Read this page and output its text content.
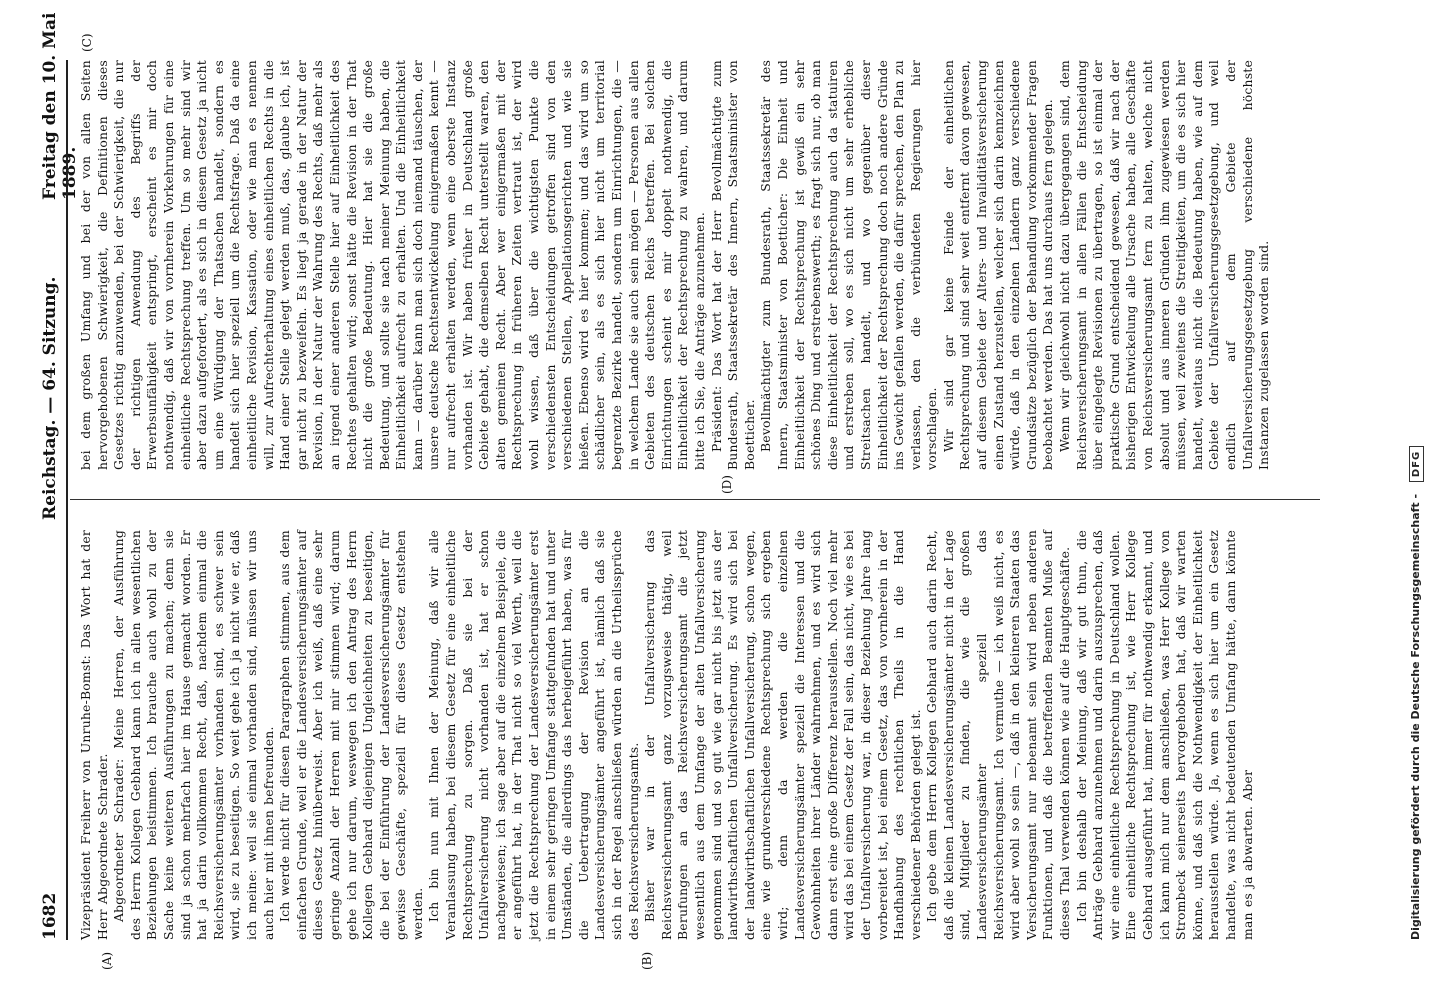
1682
Reichstag. — 64. Sitzung.
Freitag den 10. Mai 1889.
(A)	(B)
(C)
(D)

Vizepräsident Freiherr von Unruhe-Bomst: Das Wort hat der Herr Abgeordnete Schrader. Abgeordneter Schrader: Meine Herren, der Ausführung des Herrn Kollegen Gebhard kann ich in allen wesentlichen Beziehungen beistimmen. Ich brauche auch wohl zu der Sache keine weiteren Ausführungen zu machen; denn sie sind ja schon mehrfach hier im Hause gemacht worden. Er hat ja darin vollkommen Recht, daß, nachdem einmal die Reichsversicherungsämter vorhanden sind, es schwer sein wird, sie zu beseitigen. So weit gehe ich ja nicht wie er, daß ich meine: weil sie einmal vorhanden sind, müssen wir uns auch hier mit ihnen befreunden. Ich werde nicht für diesen Paragraphen stimmen, aus dem einfachen Grunde, weil er die Landesversicherungsämter auf dieses Gesetz hinüberweist. Aber ich weiß, daß eine sehr geringe Anzahl der Herren mit mir stimmen wird; darum gehe ich nur darum, weswegen ich den Antrag des Herrn Kollegen Gebhard diejenigen Ungleichheiten zu beseitigen, die bei der Einführung der Landesversicherungsämter für gewisse Geschäfte, speziell für dieses Gesetz entstehen werden. Ich bin nun mit Ihnen der Meinung, daß wir alle Veranlassung haben, bei diesem Gesetz für eine einheitliche Rechtsprechung zu sorgen. Daß sie bei der Unfallversicherung nicht vorhanden ist, hat er schon nachgewiesen; ich sage aber auf die einzelnen Beispiele, die er angeführt hat, in der That nicht so viel Werth, weil die jetzt die Rechtsprechung der Landesversicherungsämter erst in einem sehr geringen Umfange stattgefunden hat und unter Umständen, die allerdings das herbeigeführt haben, was für die Uebertragung der Revision an die Landesversicherungsämter angeführt ist, nämlich daß sie sich in der Regel anschließen würden an die Urtheilssprüche des Reichsversicherungsamts. Bisher war in der Unfallversicherung das Reichsversicherungsamt ganz vorzugsweise thätig, weil Berufungen an das Reichsversicherungsamt die jetzt wesentlich aus dem Umfange der alten Unfallversicherung genommen sind und so gut wie gar nicht bis jetzt aus der landwirthschaftlichen Unfallversicherung. Es wird sich bei der landwirthschaftlichen Unfallversicherung, schon wegen, eine wie grundverschiedene Rechtsprechung sich ergeben wird; denn da werden die einzelnen Landesversicherungsämter speziell die Interessen und die Gewohnheiten ihrer Länder wahrnehmen, und es wird sich dann erst eine große Differenz herausstellen. Noch viel mehr wird das bei einem Gesetz der Fall sein, das nicht, wie es bei der Unfallversicherung war, in dieser Beziehung Jahre lang vorbereitet ist, bei einem Gesetz, das von vornherein in der Handhabung des rechtlichen Theils in die Hand verschiedener Behörden gelegt ist. Ich gebe dem Herrn Kollegen Gebhard auch darin Recht, daß die kleinen Landesversicherungsämter nicht in der Lage sind, Mitglieder zu finden, die wie die großen Landesversicherungsämter speziell das Reichsversicherungsamt. Ich vermuthe — ich weiß nicht, es wird aber wohl so sein —, daß in den kleineren Staaten das Versicherungsamt nur nebenamt sein wird neben anderen Funktionen, und daß die betreffenden Beamten Muße auf dieses Thal verwenden können wie auf die Hauptgeschäfte. Ich bin deshalb der Meinung, daß wir gut thun, die Anträge Gebhard anzunehmen und darin auszusprechen, daß wir eine einheitliche Rechtsprechung in Deutschland wollen. Eine einheitliche Rechtsprechung ist, wie Herr Kollege Gebhard ausgeführt hat, immer für nothwendig erkannt, und ich kann mich nur dem anschließen, was Herr Kollege von Strombeck seinerseits hervorgehoben hat, daß wir warten könne, und daß sich die Nothwendigkeit der Einheitlichkeit herausstellen würde. Ja, wenn es sich hier um ein Gesetz handelte, was nicht bedeutenden Umfang hätte, dann könnte man es ja abwarten. Aber

bei dem großen Umfang und bei der von allen Seiten hervorgehobenen Schwierigkeit, die Definitionen dieses Gesetzes richtig anzuwenden, bei der Schwierigkeit, die nur der richtigen Anwendung des Begriffs der Erwerbsunfähigkeit entspringt, erscheint es mir doch nothwendig, daß wir von vornherein Vorkehrungen für eine einheitliche Rechtsprechung treffen. Um so mehr sind wir aber dazu aufgefordert, als es sich in diesem Gesetz ja nicht um eine Würdigung der Thatsachen handelt, sondern es handelt sich hier speziell um die Rechtsfrage. Daß da eine einheitliche Revision, Kassation, oder wie man es nennen will, zur Aufrechterhaltung eines einheitlichen Rechts in die Hand einer Stelle gelegt werden muß, das, glaube ich, ist gar nicht zu bezweifeln. Es liegt ja gerade in der Natur der Revision, in der Natur der Wahrung des Rechts, daß mehr als an irgend einer anderen Stelle hier auf Einheitlichkeit des Rechtes gehalten wird; sonst hätte die Revision in der That nicht die große Bedeutung. Hier hat sie die große Bedeutung, und sollte sie nach meiner Meinung haben, die Einheitlichkeit aufrecht zu erhalten. Und die Einheitlichkeit kann — darüber kann man sich doch niemand täuschen, der unsere deutsche Rechtsentwickelung einigermaßen kennt — nur aufrecht erhalten werden, wenn eine oberste Instanz vorhanden ist. Wir haben früher in Deutschland große Gebiete gehabt, die demselben Recht unterstellt waren, den alten gemeinen Recht. Aber wer einigermaßen mit der Rechtsprechung in früheren Zeiten vertraut ist, der wird wohl wissen, daß über die wichtigsten Punkte die verschiedensten Entscheidungen getroffen sind von den verschiedenen Stellen, Appellationsgerichten und wie sie hießen. Ebenso wird es hier kommen; und das wird um so schädlicher sein, als es sich hier nicht um territorial begrenzte Bezirke handelt, sondern um Einrichtungen, die — in welchem Lande sie auch sein mögen — Personen aus allen Gebieten des deutschen Reichs betreffen. Bei solchen Einrichtungen scheint es mir doppelt nothwendig, die Einheitlichkeit der Rechtsprechung zu wahren, und darum bitte ich Sie, die Anträge anzunehmen. Präsident: Das Wort hat der Herr Bevollmächtigte zum Bundesrath, Staatssekretär des Innern, Staatsminister von Boetticher. Bevollmächtigter zum Bundesrath, Staatssekretär des Innern, Staatsminister von Boetticher: Die Einheit und Einheitlichkeit der Rechtsprechung ist gewiß ein sehr schönes Ding und erstrebenswerth; es fragt sich nur, ob man diese Einheitlichkeit der Rechtsprechung auch da statuiren und erstreben soll, wo es sich nicht um sehr erhebliche Streitsachen handelt, und wo gegenüber dieser Einheitlichkeit der Rechtsprechung doch noch andere Gründe ins Gewicht gefallen werden, die dafür sprechen, den Plan zu verlassen, den die verbündeten Regierungen hier vorschlagen. Wir sind gar keine Feinde der einheitlichen Rechtsprechung und sind sehr weit entfernt davon gewesen, auf diesem Gebiete der Alters- und Invaliditätsversicherung einen Zustand herzustellen, welcher sich darin kennzeichnen würde, daß in den einzelnen Ländern ganz verschiedene Grundsätze bezüglich der Behandlung vorkommender Fragen beobachtet werden. Das hat uns durchaus fern gelegen. Wenn wir gleichwohl nicht dazu übergegangen sind, dem Reichsversicherungsamt in allen Fällen die Entscheidung über eingelegte Revisionen zu übertragen, so ist einmal der praktische Grund entscheidend gewesen, daß wir nach der bisherigen Entwickelung alle Ursache haben, alle Geschäfte von Reichsversicherungsamt fern zu halten, welche nicht absolut und aus inneren Gründen ihm zugewiesen werden müssen, weil zweitens die Streitigkeiten, um die es sich hier handelt, weitaus nicht die Bedeutung haben, wie auf dem Gebiete der Unfallversicherungsgesetzgebung, und weil endlich auf dem Gebiete der Unfallversicherungsgesetzgebung verschiedene höchste Instanzen zugelassen worden sind.

Digitalisierung gefördert durch die Deutsche Forschungsgemeinschaft - DFG
